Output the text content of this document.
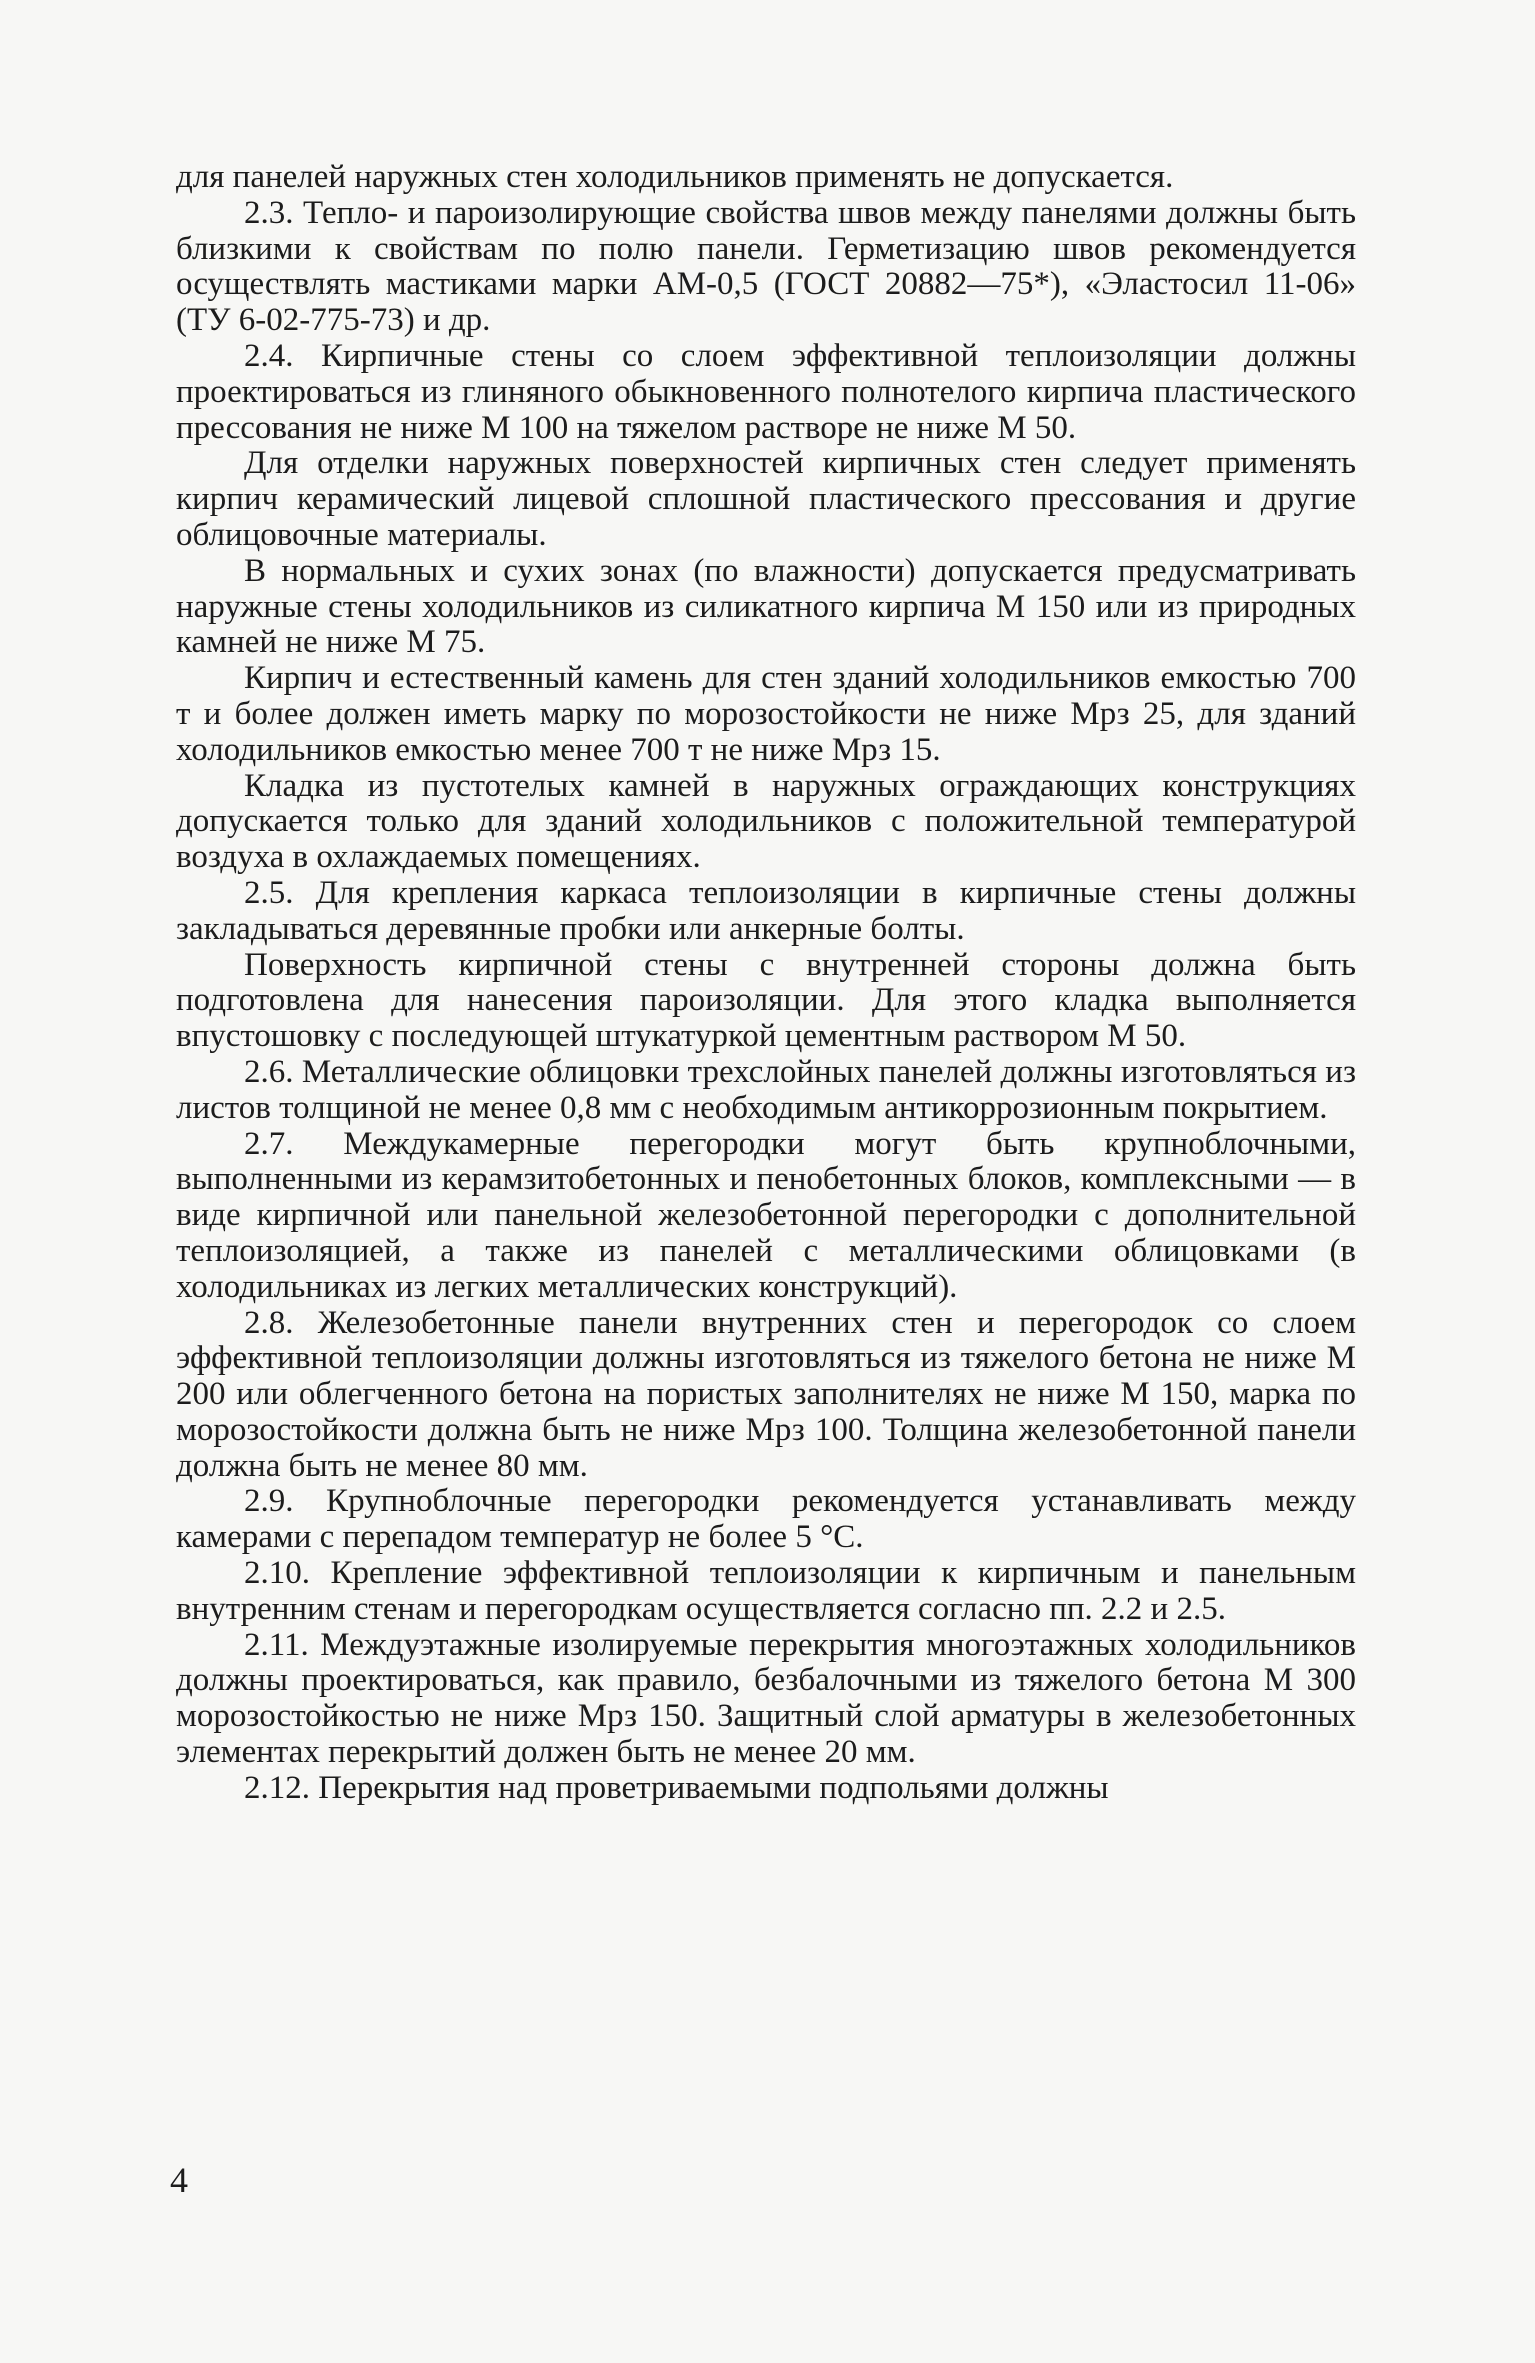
для панелей наружных стен холодильников применять не допускается.

2.3. Тепло- и пароизолирующие свойства швов между панелями должны быть близкими к свойствам по полю панели. Герметизацию швов рекомендуется осуществлять мастиками марки АМ-0,5 (ГОСТ 20882—75*), «Эластосил 11-06» (ТУ 6-02-775-73) и др.

2.4. Кирпичные стены со слоем эффективной теплоизоляции должны проектироваться из глиняного обыкновенного полнотелого кирпича пластического прессования не ниже М 100 на тяжелом растворе не ниже М 50.

Для отделки наружных поверхностей кирпичных стен следует применять кирпич керамический лицевой сплошной пластического прессования и другие облицовочные материалы.

В нормальных и сухих зонах (по влажности) допускается предусматривать наружные стены холодильников из силикатного кирпича М 150 или из природных камней не ниже М 75.

Кирпич и естественный камень для стен зданий холодильников емкостью 700 т и более должен иметь марку по морозостойкости не ниже Мрз 25, для зданий холодильников емкостью менее 700 т не ниже Мрз 15.

Кладка из пустотелых камней в наружных ограждающих конструкциях допускается только для зданий холодильников с положительной температурой воздуха в охлаждаемых помещениях.

2.5. Для крепления каркаса теплоизоляции в кирпичные стены должны закладываться деревянные пробки или анкерные болты.

Поверхность кирпичной стены с внутренней стороны должна быть подготовлена для нанесения пароизоляции. Для этого кладка выполняется впустошовку с последующей штукатуркой цементным раствором М 50.

2.6. Металлические облицовки трехслойных панелей должны изготовляться из листов толщиной не менее 0,8 мм с необходимым антикоррозионным покрытием.

2.7. Междукамерные перегородки могут быть крупноблочными, выполненными из керамзитобетонных и пенобетонных блоков, комплексными — в виде кирпичной или панельной железобетонной перегородки с дополнительной теплоизоляцией, а также из панелей с металлическими облицовками (в холодильниках из легких металлических конструкций).

2.8. Железобетонные панели внутренних стен и перегородок со слоем эффективной теплоизоляции должны изготовляться из тяжелого бетона не ниже М 200 или облегченного бетона на пористых заполнителях не ниже М 150, марка по морозостойкости должна быть не ниже Мрз 100. Толщина железобетонной панели должна быть не менее 80 мм.

2.9. Крупноблочные перегородки рекомендуется устанавливать между камерами с перепадом температур не более 5 °С.

2.10. Крепление эффективной теплоизоляции к кирпичным и панельным внутренним стенам и перегородкам осуществляется согласно пп. 2.2 и 2.5.

2.11. Междуэтажные изолируемые перекрытия многоэтажных холодильников должны проектироваться, как правило, безбалочными из тяжелого бетона М 300 морозостойкостью не ниже Мрз 150. Защитный слой арматуры в железобетонных элементах перекрытий должен быть не менее 20 мм.

2.12. Перекрытия над проветриваемыми подпольями должны

4
